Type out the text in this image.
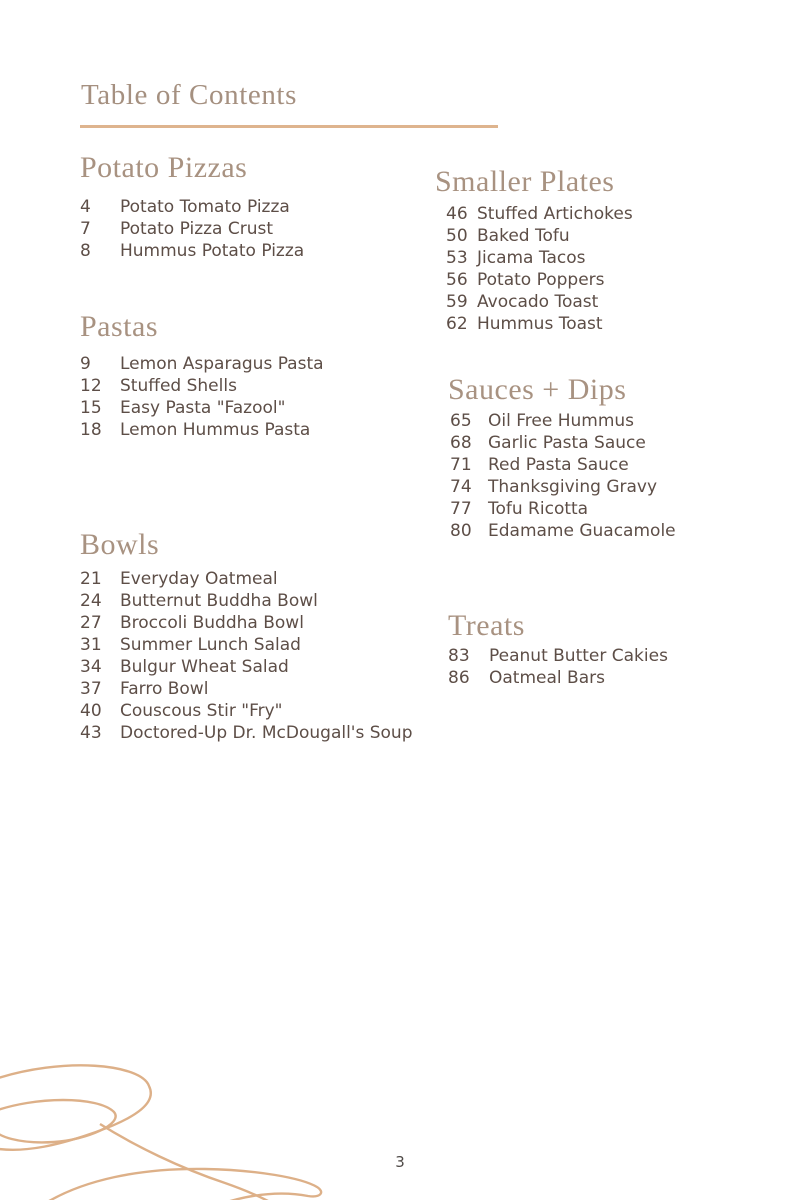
Table of Contents
Potato Pizzas
4	Potato Tomato Pizza
7	Potato Pizza Crust
8	Hummus Potato Pizza
Pastas
9	Lemon Asparagus Pasta
12	Stuffed Shells
15	Easy Pasta "Fazool"
18	Lemon Hummus Pasta
Bowls
21	Everyday Oatmeal
24	Butternut Buddha Bowl
27	Broccoli Buddha Bowl
31	Summer Lunch Salad
34	Bulgur Wheat Salad
37	Farro Bowl
40	Couscous Stir "Fry"
43	Doctored-Up Dr. McDougall's Soup
Smaller Plates
46 Stuffed Artichokes
50 Baked Tofu
53 Jicama Tacos
56 Potato Poppers
59 Avocado Toast
62 Hummus Toast
Sauces + Dips
65 Oil Free Hummus
68 Garlic Pasta Sauce
71 Red Pasta Sauce
74 Thanksgiving Gravy
77 Tofu Ricotta
80 Edamame Guacamole
Treats
83	Peanut Butter Cakies
86	Oatmeal Bars
3
